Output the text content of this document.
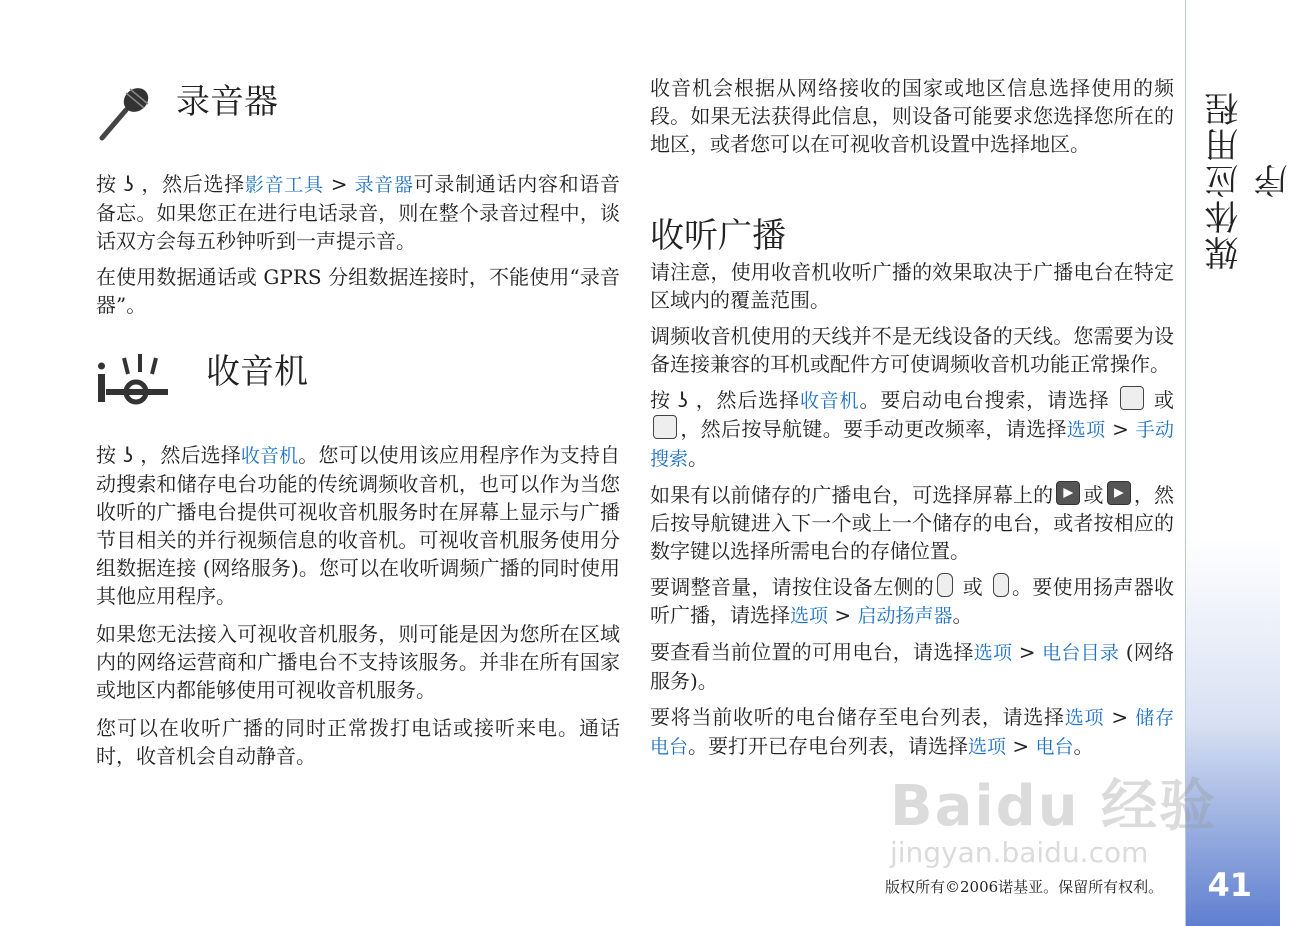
录音器

按 ʖ ，然后选择影音工具 > 录音器可录制通话内容和语音备忘。如果您正在进行电话录音，则在整个录音过程中，谈话双方会每五秒钟听到一声提示音。

在使用数据通话或 GPRS 分组数据连接时，不能使用“录音器”。

收音机

按 ʖ ，然后选择收音机。您可以使用该应用程序作为支持自动搜索和储存电台功能的传统调频收音机，也可以作为当您收听的广播电台提供可视收音机服务时在屏幕上显示与广播节目相关的并行视频信息的收音机。可视收音机服务使用分组数据连接 (网络服务)。您可以在收听调频广播的同时使用其他应用程序。

如果您无法接入可视收音机服务，则可能是因为您所在区域内的网络运营商和广播电台不支持该服务。并非在所有国家或地区内都能够使用可视收音机服务。

您可以在收听广播的同时正常拨打电话或接听来电。通话时，收音机会自动静音。

收音机会根据从网络接收的国家或地区信息选择使用的频段。如果无法获得此信息，则设备可能要求您选择您所在的地区，或者您可以在可视收音机设置中选择地区。

收听广播

请注意，使用收音机收听广播的效果取决于广播电台在特定区域内的覆盖范围。

调频收音机使用的天线并不是无线设备的天线。您需要为设备连接兼容的耳机或配件方可使调频收音机功能正常操作。

按 ʖ ，然后选择收音机。要启动电台搜索，请选择 或 ，然后按导航键。要手动更改频率，请选择选项 > 手动搜索。

如果有以前储存的广播电台，可选择屏幕上的 或 ，然后按导航键进入下一个或上一个储存的电台，或者按相应的数字键以选择所需电台的存储位置。

要调整音量，请按住设备左侧的 或 。要使用扬声器收听广播，请选择选项 > 启动扬声器。

要查看当前位置的可用电台，请选择选项 > 电台目录 (网络服务)。

要将当前收听的电台储存至电台列表，请选择选项 > 储存电台。要打开已存电台列表，请选择选项 > 电台。

媒体应用程序
41
Baidu 经验
jingyan.baidu.com
版权所有©2006诺基亚。保留所有权利。
